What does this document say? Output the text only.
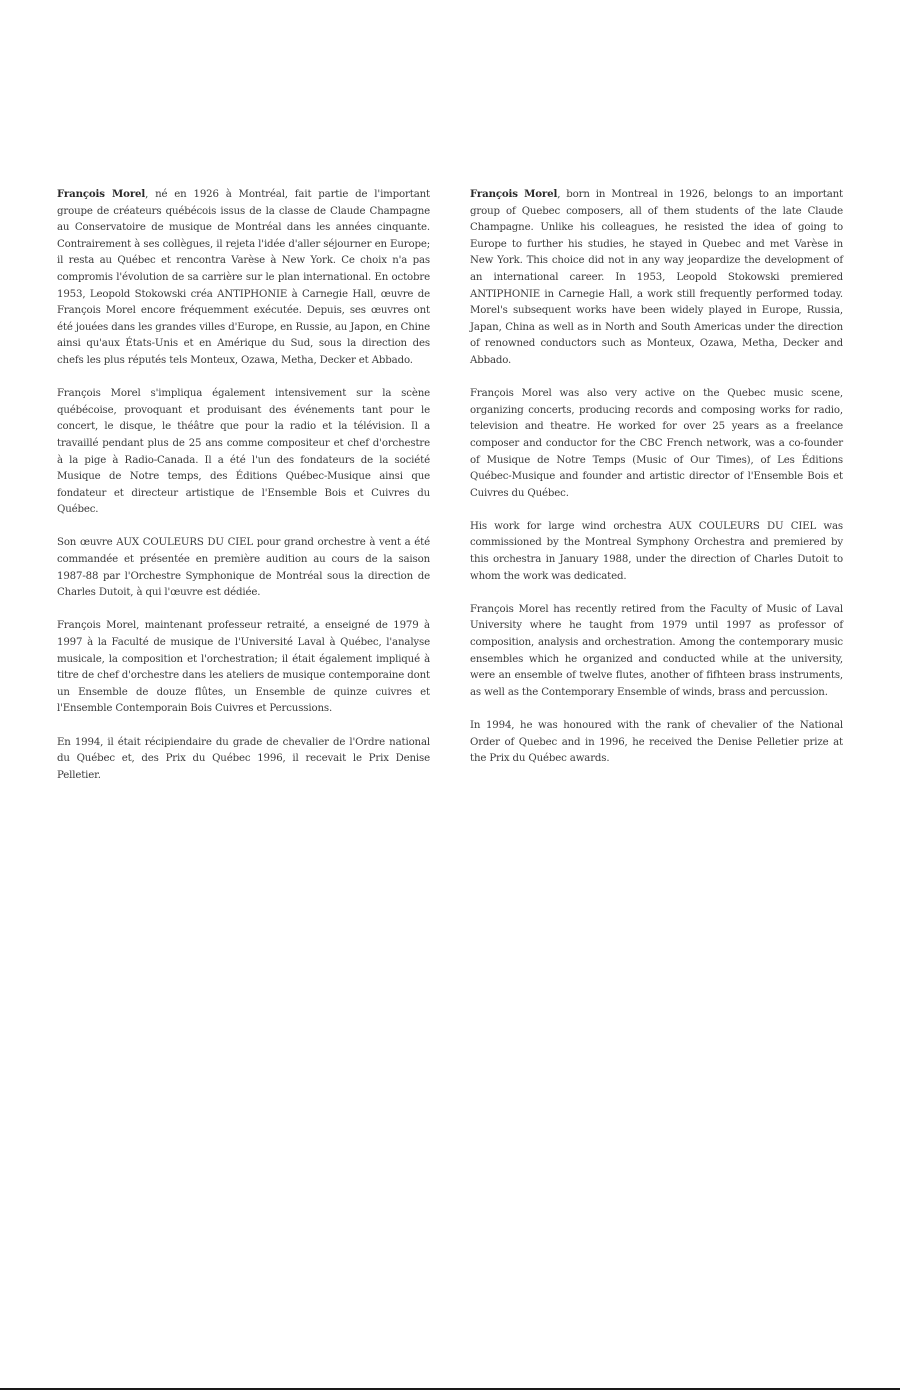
François Morel, né en 1926 à Montréal, fait partie de l'important groupe de créateurs québécois issus de la classe de Claude Champagne au Conservatoire de musique de Montréal dans les années cinquante. Contrairement à ses collègues, il rejeta l'idée d'aller séjourner en Europe; il resta au Québec et rencontra Varèse à New York. Ce choix n'a pas compromis l'évolution de sa carrière sur le plan international. En octobre 1953, Leopold Stokowski créa ANTIPHONIE à Carnegie Hall, œuvre de François Morel encore fréquemment exécutée. Depuis, ses œuvres ont été jouées dans les grandes villes d'Europe, en Russie, au Japon, en Chine ainsi qu'aux États-Unis et en Amérique du Sud, sous la direction des chefs les plus réputés tels Monteux, Ozawa, Metha, Decker et Abbado.

François Morel s'impliqua également intensivement sur la scène québécoise, provoquant et produisant des événements tant pour le concert, le disque, le théâtre que pour la radio et la télévision. Il a travaillé pendant plus de 25 ans comme compositeur et chef d'orchestre à la pige à Radio-Canada. Il a été l'un des fondateurs de la société Musique de Notre temps, des Éditions Québec-Musique ainsi que fondateur et directeur artistique de l'Ensemble Bois et Cuivres du Québec.

Son œuvre AUX COULEURS DU CIEL pour grand orchestre à vent a été commandée et présentée en première audition au cours de la saison 1987-88 par l'Orchestre Symphonique de Montréal sous la direction de Charles Dutoit, à qui l'œuvre est dédiée.

François Morel, maintenant professeur retraité, a enseigné de 1979 à 1997 à la Faculté de musique de l'Université Laval à Québec, l'analyse musicale, la composition et l'orchestration; il était également impliqué à titre de chef d'orchestre dans les ateliers de musique contemporaine dont un Ensemble de douze flûtes, un Ensemble de quinze cuivres et l'Ensemble Contemporain Bois Cuivres et Percussions.

En 1994, il était récipiendaire du grade de chevalier de l'Ordre national du Québec et, des Prix du Québec 1996, il recevait le Prix Denise Pelletier.

François Morel, born in Montreal in 1926, belongs to an important group of Quebec composers, all of them students of the late Claude Champagne. Unlike his colleagues, he resisted the idea of going to Europe to further his studies, he stayed in Quebec and met Varèse in New York. This choice did not in any way jeopardize the development of an international career. In 1953, Leopold Stokowski premiered ANTIPHONIE in Carnegie Hall, a work still frequently performed today. Morel's subsequent works have been widely played in Europe, Russia, Japan, China as well as in North and South Americas under the direction of renowned conductors such as Monteux, Ozawa, Metha, Decker and Abbado.

François Morel was also very active on the Quebec music scene, organizing concerts, producing records and composing works for radio, television and theatre. He worked for over 25 years as a freelance composer and conductor for the CBC French network, was a co-founder of Musique de Notre Temps (Music of Our Times), of Les Éditions Québec-Musique and founder and artistic director of l'Ensemble Bois et Cuivres du Québec.

His work for large wind orchestra AUX COULEURS DU CIEL was commissioned by the Montreal Symphony Orchestra and premiered by this orchestra in January 1988, under the direction of Charles Dutoit to whom the work was dedicated.

François Morel has recently retired from the Faculty of Music of Laval University where he taught from 1979 until 1997 as professor of composition, analysis and orchestration. Among the contemporary music ensembles which he organized and conducted while at the university, were an ensemble of twelve flutes, another of fifhteen brass instruments, as well as the Contemporary Ensemble of winds, brass and percussion.

In 1994, he was honoured with the rank of chevalier of the National Order of Quebec and in 1996, he received the Denise Pelletier prize at the Prix du Québec awards.
